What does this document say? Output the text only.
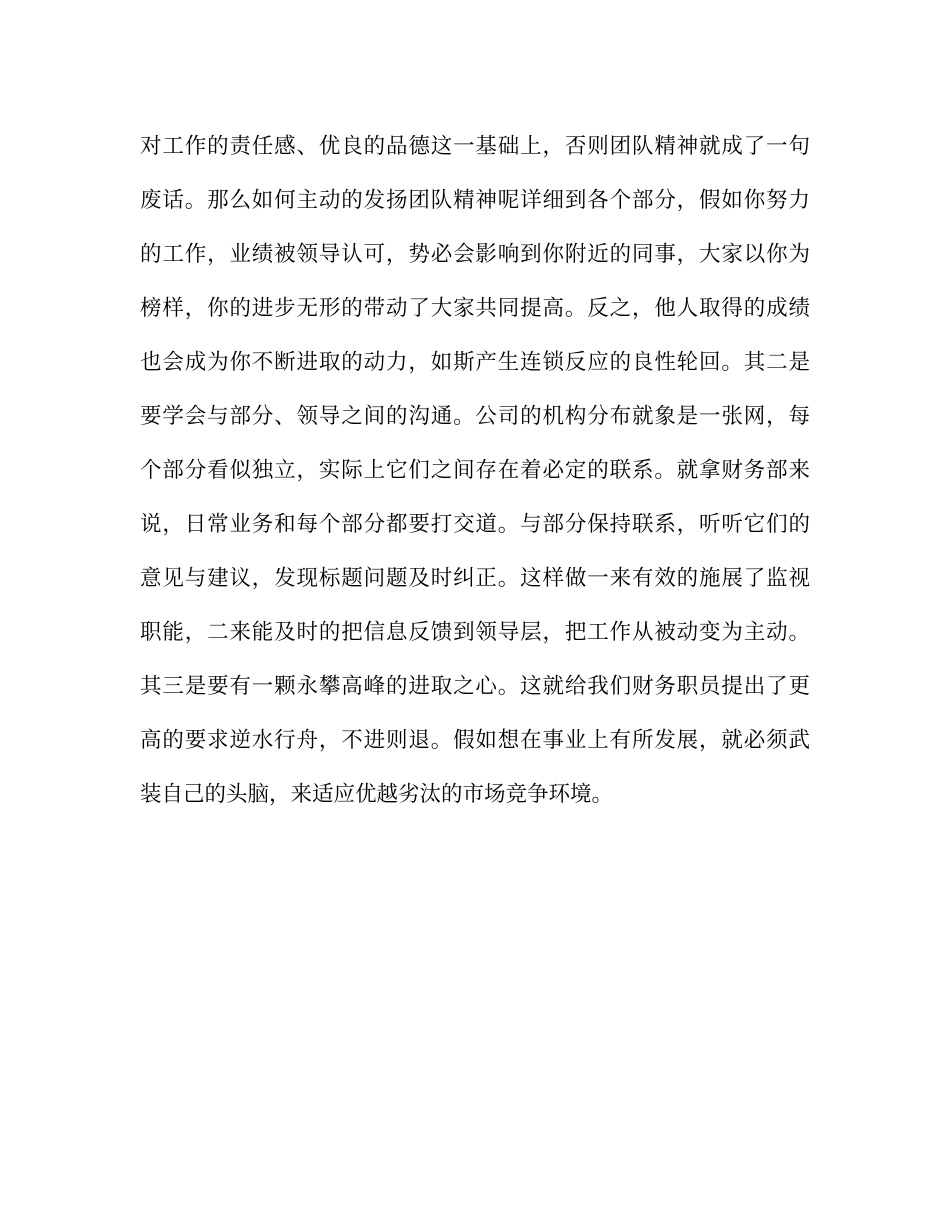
对工作的责任感、优良的品德这一基础上，否则团队精神就成了一句
废话。那么如何主动的发扬团队精神呢详细到各个部分，假如你努力
的工作，业绩被领导认可，势必会影响到你附近的同事，大家以你为
榜样，你的进步无形的带动了大家共同提高。反之，他人取得的成绩
也会成为你不断进取的动力，如斯产生连锁反应的良性轮回。其二是
要学会与部分、领导之间的沟通。公司的机构分布就象是一张网，每
个部分看似独立，实际上它们之间存在着必定的联系。就拿财务部来
说，日常业务和每个部分都要打交道。与部分保持联系，听听它们的
意见与建议，发现标题问题及时纠正。这样做一来有效的施展了监视
职能，二来能及时的把信息反馈到领导层，把工作从被动变为主动。
其三是要有一颗永攀高峰的进取之心。这就给我们财务职员提出了更
高的要求逆水行舟，不进则退。假如想在事业上有所发展，就必须武
装自己的头脑，来适应优越劣汰的市场竞争环境。
